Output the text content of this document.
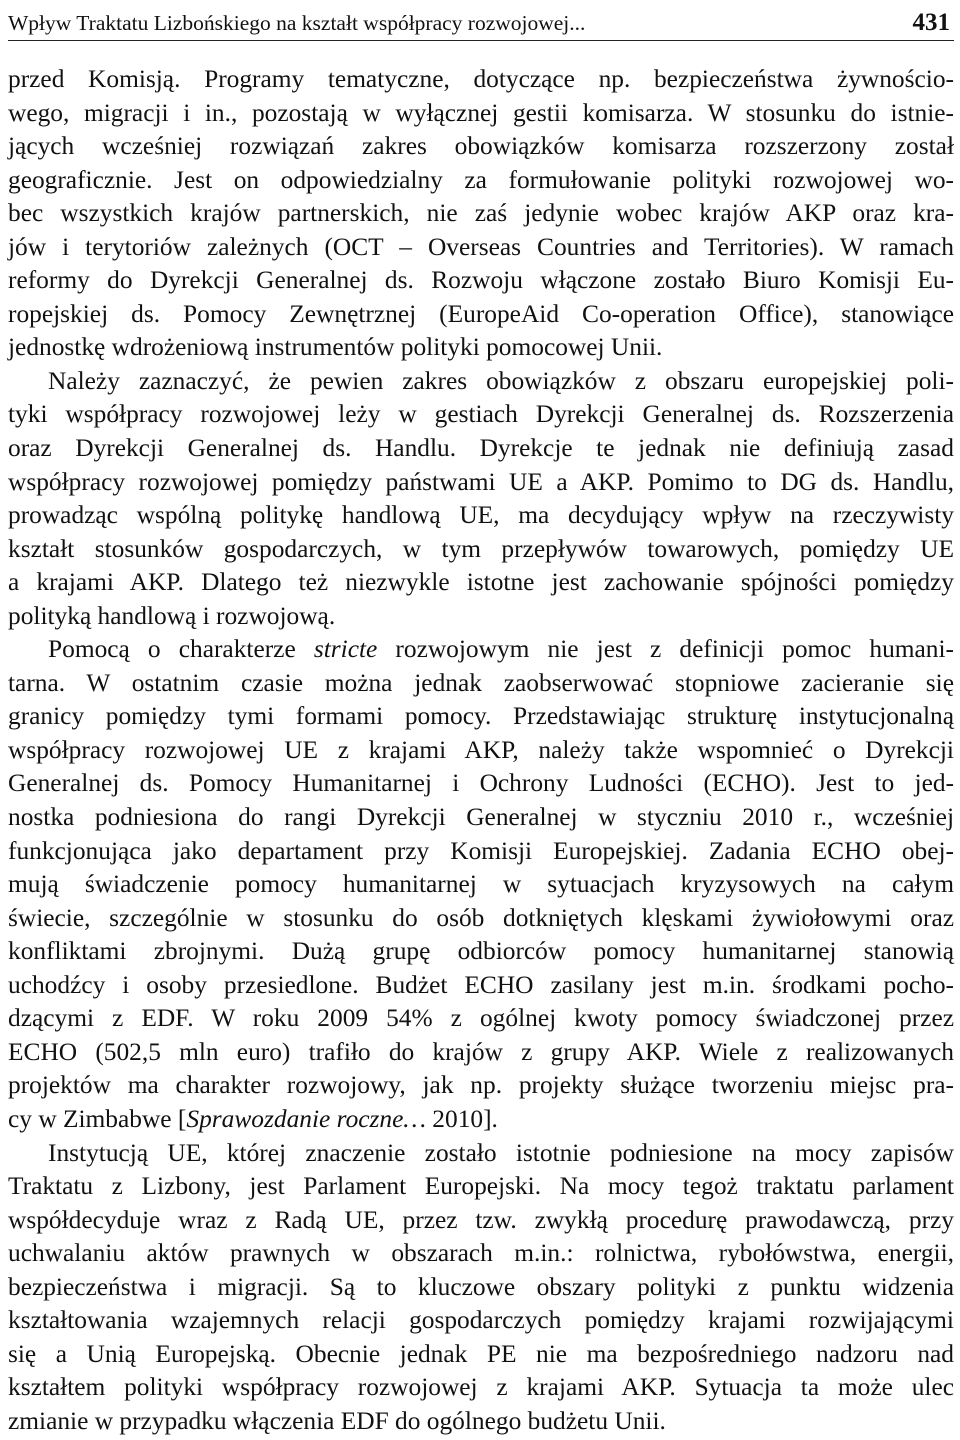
Wpływ Traktatu Lizbońskiego na kształt współpracy rozwojowej...	431
przed Komisją. Programy tematyczne, dotyczące np. bezpieczeństwa żywnościo-
wego, migracji i in., pozostają w wyłącznej gestii komisarza. W stosunku do istnie-
jących wcześniej rozwiązań zakres obowiązków komisarza rozszerzony został
geograficznie. Jest on odpowiedzialny za formułowanie polityki rozwojowej wo-
bec wszystkich krajów partnerskich, nie zaś jedynie wobec krajów AKP oraz kra-
jów i terytoriów zależnych (OCT – Overseas Countries and Territories). W ramach
reformy do Dyrekcji Generalnej ds. Rozwoju włączone zostało Biuro Komisji Eu-
ropejskiej ds. Pomocy Zewnętrznej (EuropeAid Co-operation Office), stanowiące
jednostkę wdrożeniową instrumentów polityki pomocowej Unii.
Należy zaznaczyć, że pewien zakres obowiązków z obszaru europejskiej poli-
tyki współpracy rozwojowej leży w gestiach Dyrekcji Generalnej ds. Rozszerzenia
oraz Dyrekcji Generalnej ds. Handlu. Dyrekcje te jednak nie definiują zasad
współpracy rozwojowej pomiędzy państwami UE a AKP. Pomimo to DG ds. Handlu,
prowadząc wspólną politykę handlową UE, ma decydujący wpływ na rzeczywisty
kształt stosunków gospodarczych, w tym przepływów towarowych, pomiędzy UE
a krajami AKP. Dlatego też niezwykle istotne jest zachowanie spójności pomiędzy
polityką handlową i rozwojową.
Pomocą o charakterze stricte rozwojowym nie jest z definicji pomoc humani-
tarna. W ostatnim czasie można jednak zaobserwować stopniowe zacieranie się
granicy pomiędzy tymi formami pomocy. Przedstawiając strukturę instytucjonalną
współpracy rozwojowej UE z krajami AKP, należy także wspomnieć o Dyrekcji
Generalnej ds. Pomocy Humanitarnej i Ochrony Ludności (ECHO). Jest to jed-
nostka podniesiona do rangi Dyrekcji Generalnej w styczniu 2010 r., wcześniej
funkcjonująca jako departament przy Komisji Europejskiej. Zadania ECHO obej-
mują świadczenie pomocy humanitarnej w sytuacjach kryzysowych na całym
świecie, szczególnie w stosunku do osób dotkniętych klęskami żywiołowymi oraz
konfliktami zbrojnymi. Dużą grupę odbiorców pomocy humanitarnej stanowią
uchodźcy i osoby przesiedlone. Budżet ECHO zasilany jest m.in. środkami pocho-
dzącymi z EDF. W roku 2009 54% z ogólnej kwoty pomocy świadczonej przez
ECHO (502,5 mln euro) trafiło do krajów z grupy AKP. Wiele z realizowanych
projektów ma charakter rozwojowy, jak np. projekty służące tworzeniu miejsc pra-
cy w Zimbabwe [Sprawozdanie roczne… 2010].
Instytucją UE, której znaczenie zostało istotnie podniesione na mocy zapisów
Traktatu z Lizbony, jest Parlament Europejski. Na mocy tegoż traktatu parlament
współdecyduje wraz z Radą UE, przez tzw. zwykłą procedurę prawodawczą, przy
uchwalaniu aktów prawnych w obszarach m.in.: rolnictwa, rybołówstwa, energii,
bezpieczeństwa i migracji. Są to kluczowe obszary polityki z punktu widzenia
kształtowania wzajemnych relacji gospodarczych pomiędzy krajami rozwijającymi
się a Unią Europejską. Obecnie jednak PE nie ma bezpośredniego nadzoru nad
kształtem polityki współpracy rozwojowej z krajami AKP. Sytuacja ta może ulec
zmianie w przypadku włączenia EDF do ogólnego budżetu Unii.
